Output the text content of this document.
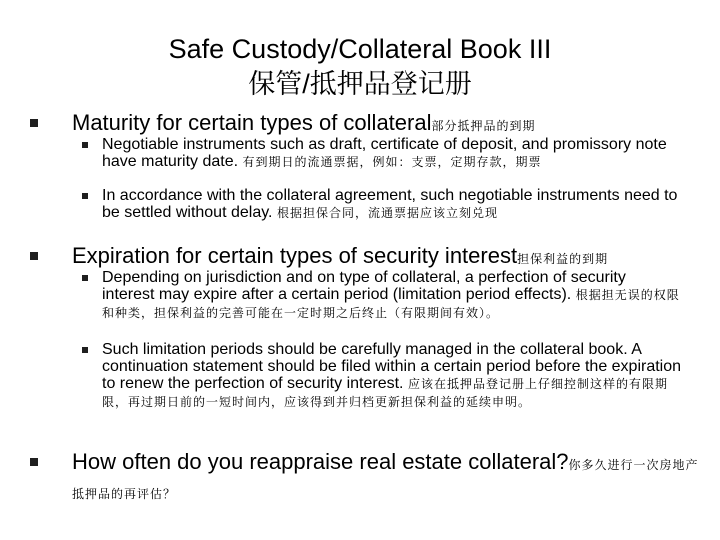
Safe Custody/Collateral Book III
保管/抵押品登记册
Maturity for certain types of collateral部分抵押品的到期
Negotiable instruments such as draft, certificate of deposit, and promissory note have maturity date. 有到期日的流通票据，例如：支票，定期存款，期票
In accordance with the collateral agreement, such negotiable instruments need to be settled without delay. 根据担保合同，流通票据应该立刻兑现
Expiration for certain types of security interest担保利益的到期
Depending on jurisdiction and on type of collateral, a perfection of security interest may expire after a certain period (limitation period effects). 根据担无误的权限和种类，担保利益的完善可能在一定时期之后终止（有限期间有效）。
Such limitation periods should be carefully managed in the collateral book. A continuation statement should be filed within a certain period before the expiration to renew the perfection of security interest. 应该在抵押品登记册上仔细控制这样的有限期限，再过期日前的一短时间内，应该得到并归档更新担保利益的延续申明。
How often do you reappraise real estate collateral?你多久进行一次房地产抵押品的再评估？
